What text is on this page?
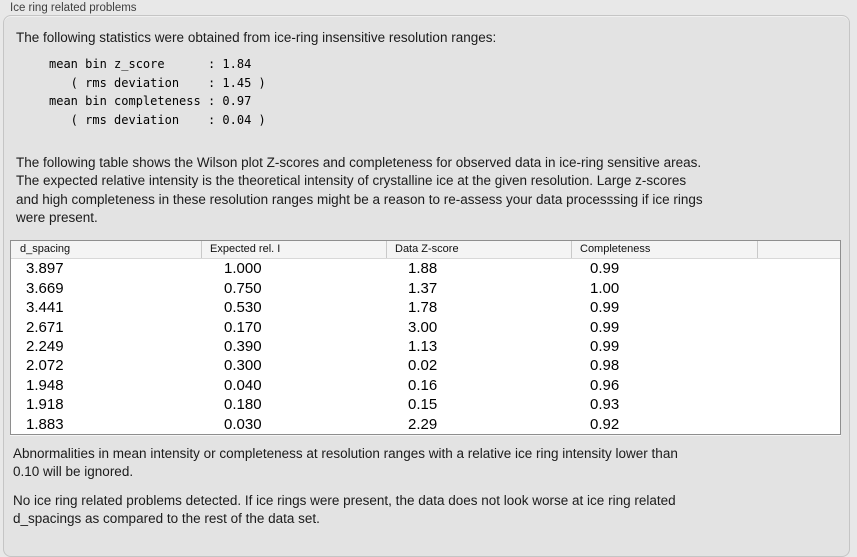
Ice ring related problems
The following statistics were obtained from ice-ring insensitive resolution ranges:
mean bin z_score      : 1.84
( rms deviation    : 1.45 )
mean bin completeness : 0.97
( rms deviation    : 0.04 )
The following table shows the Wilson plot Z-scores and completeness for observed data in ice-ring sensitive areas.
The expected relative intensity is the theoretical intensity of crystalline ice at the given resolution. Large z-scores
and high completeness in these resolution ranges might be a reason to re-assess your data processsing if ice rings
were present.
d_spacing	Expected rel. I	Data Z-score	Completeness
3.897	1.000	1.88	0.99
3.669	0.750	1.37	1.00
3.441	0.530	1.78	0.99
2.671	0.170	3.00	0.99
2.249	0.390	1.13	0.99
2.072	0.300	0.02	0.98
1.948	0.040	0.16	0.96
1.918	0.180	0.15	0.93
1.883	0.030	2.29	0.92
Abnormalities in mean intensity or completeness at resolution ranges with a relative ice ring intensity lower than
0.10 will be ignored.
No ice ring related problems detected. If ice rings were present, the data does not look worse at ice ring related
d_spacings as compared to the rest of the data set.
